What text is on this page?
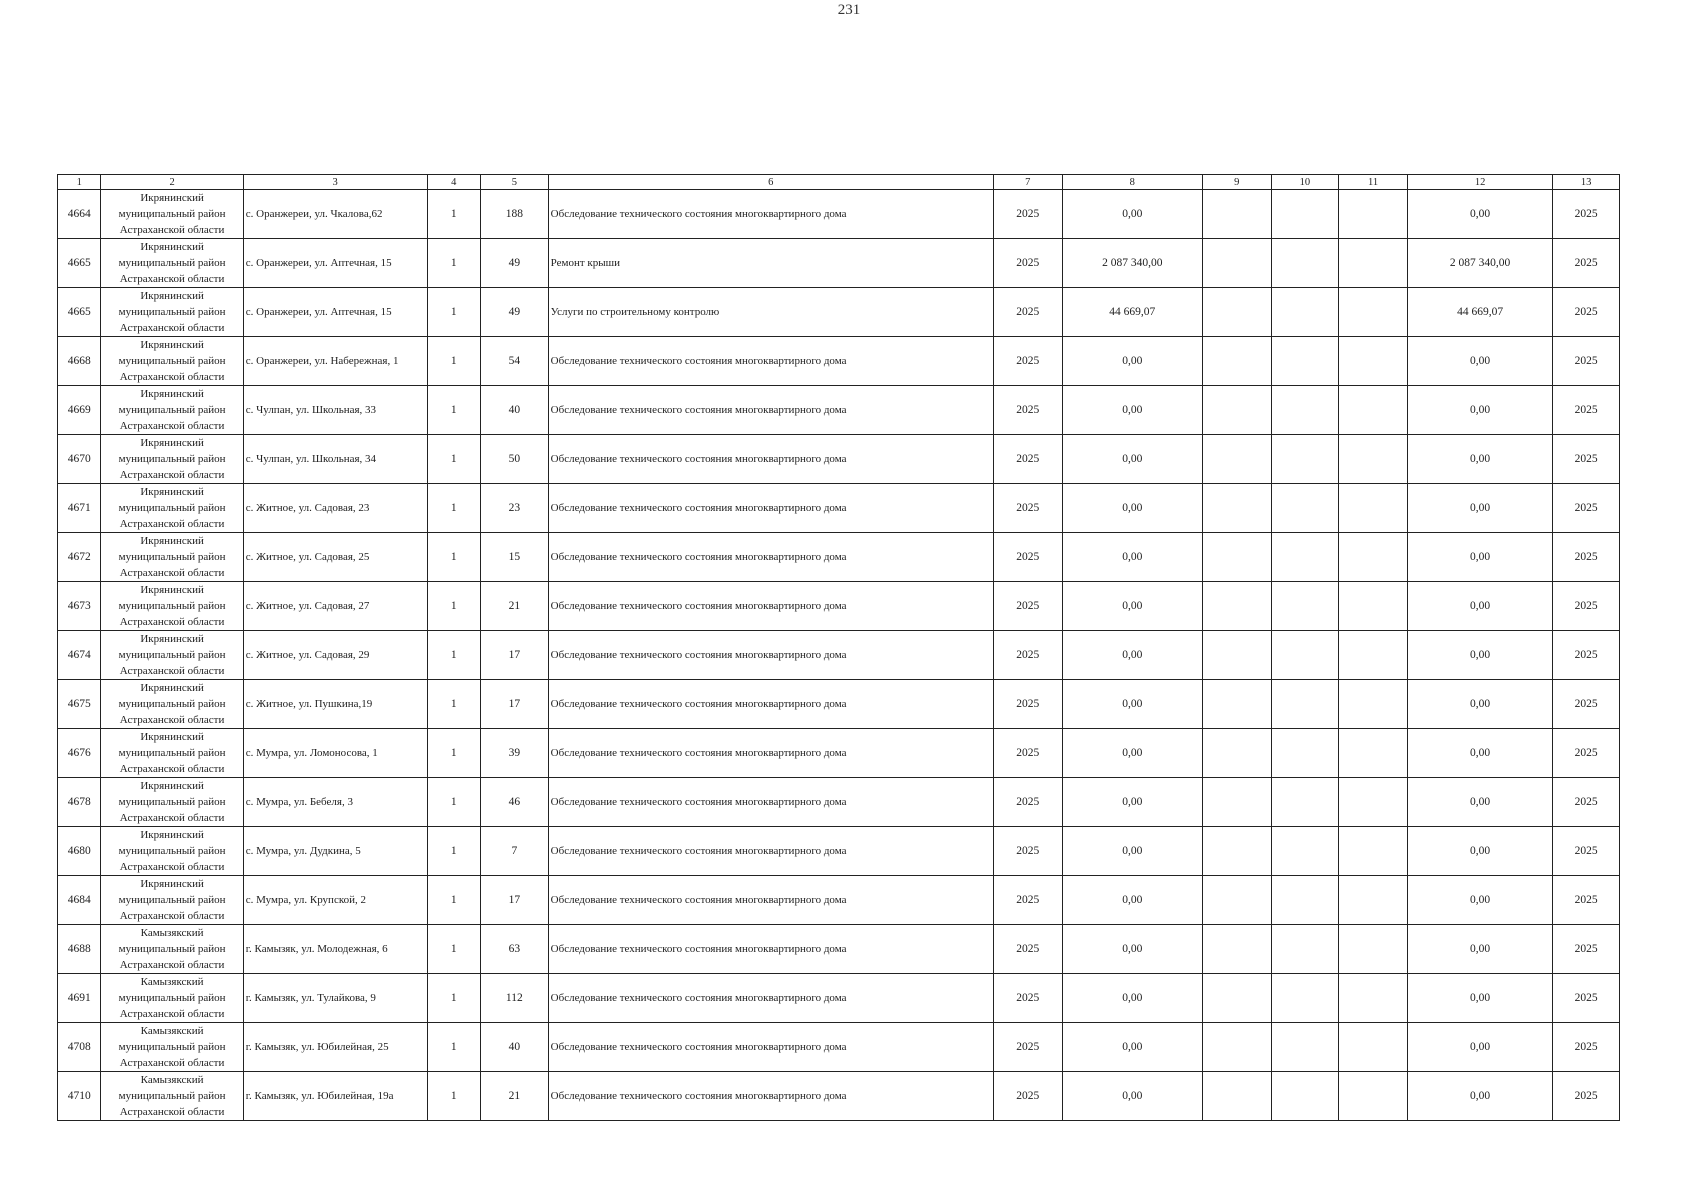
231
1	2	3	4	5	6	7	8	9	10	11	12	13
4664	Икрянинский муниципальный район Астраханской области	с. Оранжереи, ул. Чкалова,62	1	188	Обследование технического состояния многоквартирного дома	2025	0,00				0,00	2025
4665	Икрянинский муниципальный район Астраханской области	с. Оранжереи, ул. Аптечная, 15	1	49	Ремонт крыши	2025	2 087 340,00				2 087 340,00	2025
4665	Икрянинский муниципальный район Астраханской области	с. Оранжереи, ул. Аптечная, 15	1	49	Услуги по строительному контролю	2025	44 669,07				44 669,07	2025
4668	Икрянинский муниципальный район Астраханской области	с. Оранжереи, ул. Набережная, 1	1	54	Обследование технического состояния многоквартирного дома	2025	0,00				0,00	2025
4669	Икрянинский муниципальный район Астраханской области	с. Чулпан, ул. Школьная, 33	1	40	Обследование технического состояния многоквартирного дома	2025	0,00				0,00	2025
4670	Икрянинский муниципальный район Астраханской области	с. Чулпан, ул. Школьная, 34	1	50	Обследование технического состояния многоквартирного дома	2025	0,00				0,00	2025
4671	Икрянинский муниципальный район Астраханской области	с. Житное, ул. Садовая, 23	1	23	Обследование технического состояния многоквартирного дома	2025	0,00				0,00	2025
4672	Икрянинский муниципальный район Астраханской области	с. Житное, ул. Садовая, 25	1	15	Обследование технического состояния многоквартирного дома	2025	0,00				0,00	2025
4673	Икрянинский муниципальный район Астраханской области	с. Житное, ул. Садовая, 27	1	21	Обследование технического состояния многоквартирного дома	2025	0,00				0,00	2025
4674	Икрянинский муниципальный район Астраханской области	с. Житное, ул. Садовая, 29	1	17	Обследование технического состояния многоквартирного дома	2025	0,00				0,00	2025
4675	Икрянинский муниципальный район Астраханской области	с. Житное, ул. Пушкина,19	1	17	Обследование технического состояния многоквартирного дома	2025	0,00				0,00	2025
4676	Икрянинский муниципальный район Астраханской области	с. Мумра, ул. Ломоносова, 1	1	39	Обследование технического состояния многоквартирного дома	2025	0,00				0,00	2025
4678	Икрянинский муниципальный район Астраханской области	с. Мумра, ул. Бебеля, 3	1	46	Обследование технического состояния многоквартирного дома	2025	0,00				0,00	2025
4680	Икрянинский муниципальный район Астраханской области	с. Мумра, ул. Дудкина, 5	1	7	Обследование технического состояния многоквартирного дома	2025	0,00				0,00	2025
4684	Икрянинский муниципальный район Астраханской области	с. Мумра, ул. Крупской, 2	1	17	Обследование технического состояния многоквартирного дома	2025	0,00				0,00	2025
4688	Камызякский муниципальный район Астраханской области	г. Камызяк, ул. Молодежная, 6	1	63	Обследование технического состояния многоквартирного дома	2025	0,00				0,00	2025
4691	Камызякский муниципальный район Астраханской области	г. Камызяк, ул. Тулайкова, 9	1	112	Обследование технического состояния многоквартирного дома	2025	0,00				0,00	2025
4708	Камызякский муниципальный район Астраханской области	г. Камызяк, ул. Юбилейная, 25	1	40	Обследование технического состояния многоквартирного дома	2025	0,00				0,00	2025
4710	Камызякский муниципальный район Астраханской области	г. Камызяк, ул. Юбилейная, 19а	1	21	Обследование технического состояния многоквартирного дома	2025	0,00				0,00	2025
